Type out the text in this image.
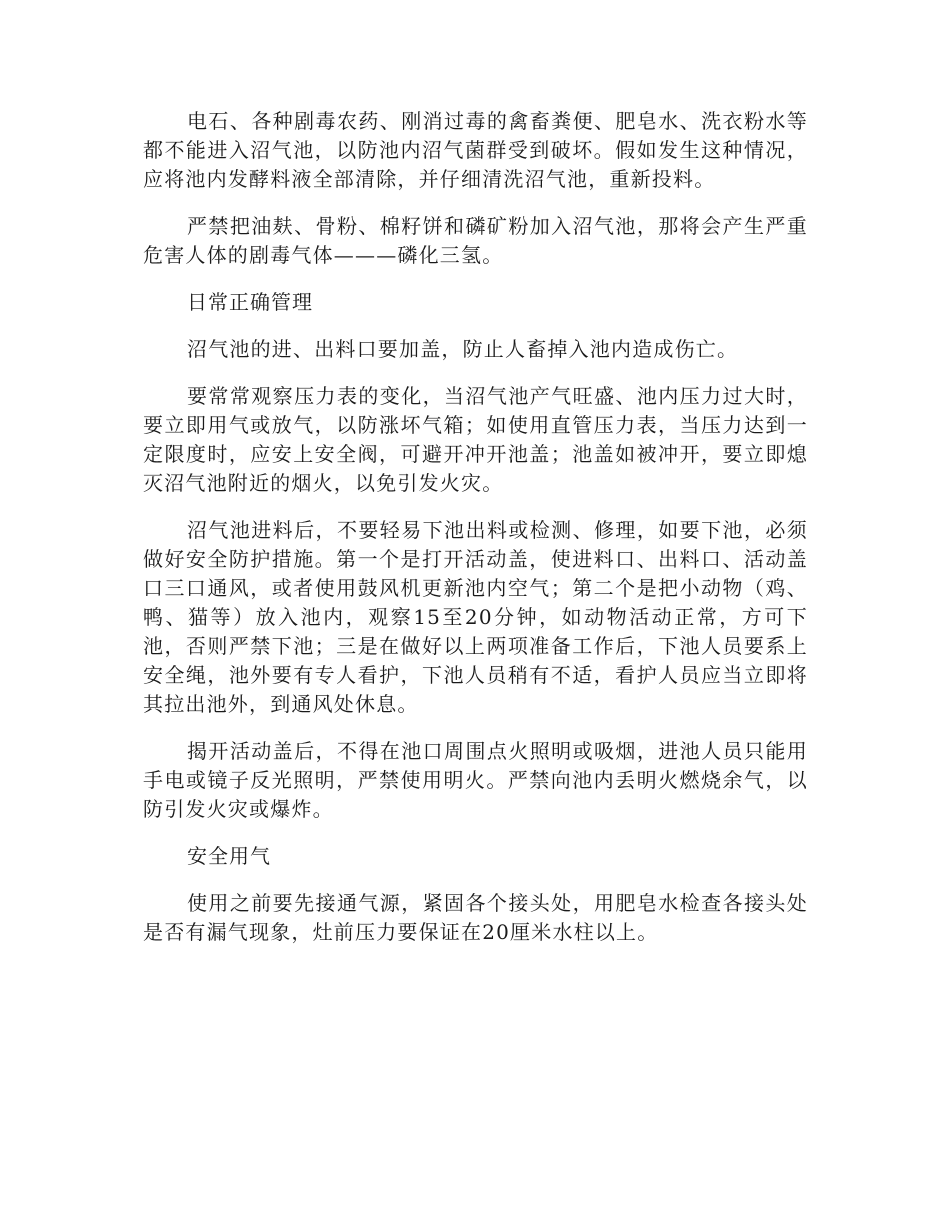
电石、各种剧毒农药、刚消过毒的禽畜粪便、肥皂水、洗衣粉水等都不能进入沼气池，以防池内沼气菌群受到破坏。假如发生这种情况，应将池内发酵料液全部清除，并仔细清洗沼气池，重新投料。

严禁把油麸、骨粉、棉籽饼和磷矿粉加入沼气池，那将会产生严重危害人体的剧毒气体———磷化三氢。

日常正确管理

沼气池的进、出料口要加盖，防止人畜掉入池内造成伤亡。

要常常观察压力表的变化，当沼气池产气旺盛、池内压力过大时，要立即用气或放气，以防涨坏气箱；如使用直管压力表，当压力达到一定限度时，应安上安全阀，可避开冲开池盖；池盖如被冲开，要立即熄灭沼气池附近的烟火，以免引发火灾。

沼气池进料后，不要轻易下池出料或检测、修理，如要下池，必须做好安全防护措施。第一个是打开活动盖，使进料口、出料口、活动盖口三口通风，或者使用鼓风机更新池内空气；第二个是把小动物（鸡、鸭、猫等）放入池内，观察15至20分钟，如动物活动正常，方可下池，否则严禁下池；三是在做好以上两项准备工作后，下池人员要系上安全绳，池外要有专人看护，下池人员稍有不适，看护人员应当立即将其拉出池外，到通风处休息。

揭开活动盖后，不得在池口周围点火照明或吸烟，进池人员只能用手电或镜子反光照明，严禁使用明火。严禁向池内丢明火燃烧余气，以防引发火灾或爆炸。

安全用气

使用之前要先接通气源，紧固各个接头处，用肥皂水检查各接头处是否有漏气现象，灶前压力要保证在20厘米水柱以上。
